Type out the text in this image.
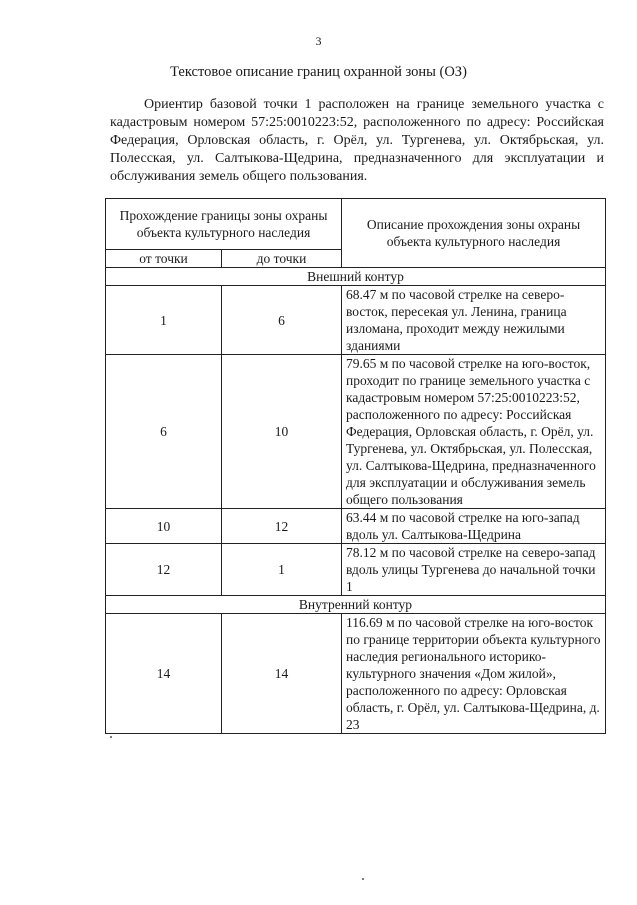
3
Текстовое описание границ охранной зоны (ОЗ)

Ориентир базовой точки 1 расположен на границе земельного участка с кадастровым номером 57:25:0010223:52, расположенного по адресу: Российская Федерация, Орловская область, г. Орёл, ул. Тургенева, ул. Октябрьская, ул. Полесская, ул. Салтыкова-Щедрина, предназначенного для эксплуатации и обслуживания земель общего пользования.

Прохождение границы зоны охраны объекта культурного наследия		Описание прохождения зоны охраны объекта культурного наследия
от точки	до точки	
Внешний контур		
1	6	68.47 м по часовой стрелке на северо-восток, пересекая ул. Ленина, граница изломана, проходит между нежилыми зданиями
6	10	79.65 м по часовой стрелке на юго-восток, проходит по границе земельного участка с кадастровым номером 57:25:0010223:52, расположенного по адресу: Российская Федерация, Орловская область, г. Орёл, ул. Тургенева, ул. Октябрьская, ул. Полесская, ул. Салтыкова-Щедрина, предназначенного для эксплуатации и обслуживания земель общего пользования
10	12	63.44 м по часовой стрелке на юго-запад вдоль ул. Салтыкова-Щедрина
12	1	78.12 м по часовой стрелке на северо-запад вдоль улицы Тургенева до начальной точки 1
Внутренний контур		
14	14	116.69 м по часовой стрелке на юго-восток по границе территории объекта культурного наследия регионального историко-культурного значения «Дом жилой», расположенного по адресу: Орловская область, г. Орёл, ул. Салтыкова-Щедрина, д. 23
